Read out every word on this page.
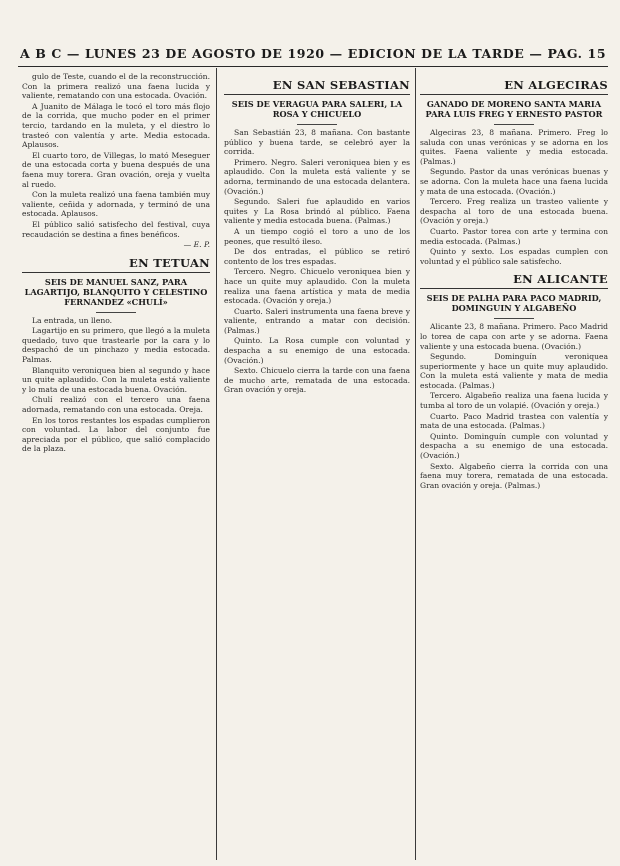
A B C — LUNES 23 DE AGOSTO DE 1920 — EDICION DE LA TARDE — PAG. 15

gulo de Teste, cuando el de la reconstrucción. Con la primera realizó una faena lucida y valiente, rematando con una estocada. Ovación.

A Juanito de Málaga le tocó el toro más flojo de la corrida, que mucho poder en el primer tercio, tardando en la muleta, y el diestro lo trasteó con valentía y arte. Media estocada. Aplausos.

El cuarto toro, de Villegas, lo mató Meseguer de una estocada corta y buena después de una faena muy torera. Gran ovación, oreja y vuelta al ruedo.

Con la muleta realizó una faena también muy valiente, ceñida y adornada, y terminó de una estocada. Aplausos.

El público salió satisfecho del festival, cuya recaudación se destina a fines benéficos.

— E. P.
EN TETUAN
SEIS DE MANUEL SANZ, PARA LAGARTIJO, BLANQUITO Y CELESTINO FERNANDEZ «CHULÍ»

La entrada, un lleno.

Lagartijo en su primero, que llegó a la muleta quedado, tuvo que trastearle por la cara y lo despachó de un pinchazo y media estocada. Palmas.

Blanquito veroniquea bien al segundo y hace un quite aplaudido. Con la muleta está valiente y lo mata de una estocada buena. Ovación.

Chulí realizó con el tercero una faena adornada, rematando con una estocada. Oreja.

En los toros restantes los espadas cumplieron con voluntad. La labor del conjunto fue apreciada por el público, que salió complacido de la plaza.

EN SAN SEBASTIAN
SEIS DE VERAGUA PARA SALERI, LA ROSA Y CHICUELO

San Sebastián 23, 8 mañana. Con bastante público y buena tarde, se celebró ayer la corrida.

Primero. Negro. Saleri veroniquea bien y es aplaudido. Con la muleta está valiente y se adorna, terminando de una estocada delantera. (Ovación.)

Segundo. Saleri fue aplaudido en varios quites y La Rosa brindó al público. Faena valiente y media estocada buena. (Palmas.)

A un tiempo cogió el toro a uno de los peones, que resultó ileso.

De dos entradas, el público se retiró contento de los tres espadas.

Tercero. Negro. Chicuelo veroniquea bien y hace un quite muy aplaudido. Con la muleta realiza una faena artística y mata de media estocada. (Ovación y oreja.)

Cuarto. Saleri instrumenta una faena breve y valiente, entrando a matar con decisión. (Palmas.)

Quinto. La Rosa cumple con voluntad y despacha a su enemigo de una estocada. (Ovación.)

Sexto. Chicuelo cierra la tarde con una faena de mucho arte, rematada de una estocada. Gran ovación y oreja.

EN ALGECIRAS
GANADO DE MORENO SANTA MARIA PARA LUIS FREG Y ERNESTO PASTOR

Algeciras 23, 8 mañana. Primero. Freg lo saluda con unas verónicas y se adorna en los quites. Faena valiente y media estocada. (Palmas.)

Segundo. Pastor da unas verónicas buenas y se adorna. Con la muleta hace una faena lucida y mata de una estocada. (Ovación.)

Tercero. Freg realiza un trasteo valiente y despacha al toro de una estocada buena. (Ovación y oreja.)

Cuarto. Pastor torea con arte y termina con media estocada. (Palmas.)

Quinto y sexto. Los espadas cumplen con voluntad y el público sale satisfecho.

EN ALICANTE
SEIS DE PALHA PARA PACO MADRID, DOMINGUIN Y ALGABEÑO

Alicante 23, 8 mañana. Primero. Paco Madrid lo torea de capa con arte y se adorna. Faena valiente y una estocada buena. (Ovación.)

Segundo. Dominguín veroniquea superiormente y hace un quite muy aplaudido. Con la muleta está valiente y mata de media estocada. (Palmas.)

Tercero. Algabeño realiza una faena lucida y tumba al toro de un volapié. (Ovación y oreja.)

Cuarto. Paco Madrid trastea con valentía y mata de una estocada. (Palmas.)

Quinto. Dominguín cumple con voluntad y despacha a su enemigo de una estocada. (Ovación.)

Sexto. Algabeño cierra la corrida con una faena muy torera, rematada de una estocada. Gran ovación y oreja. (Palmas.)
